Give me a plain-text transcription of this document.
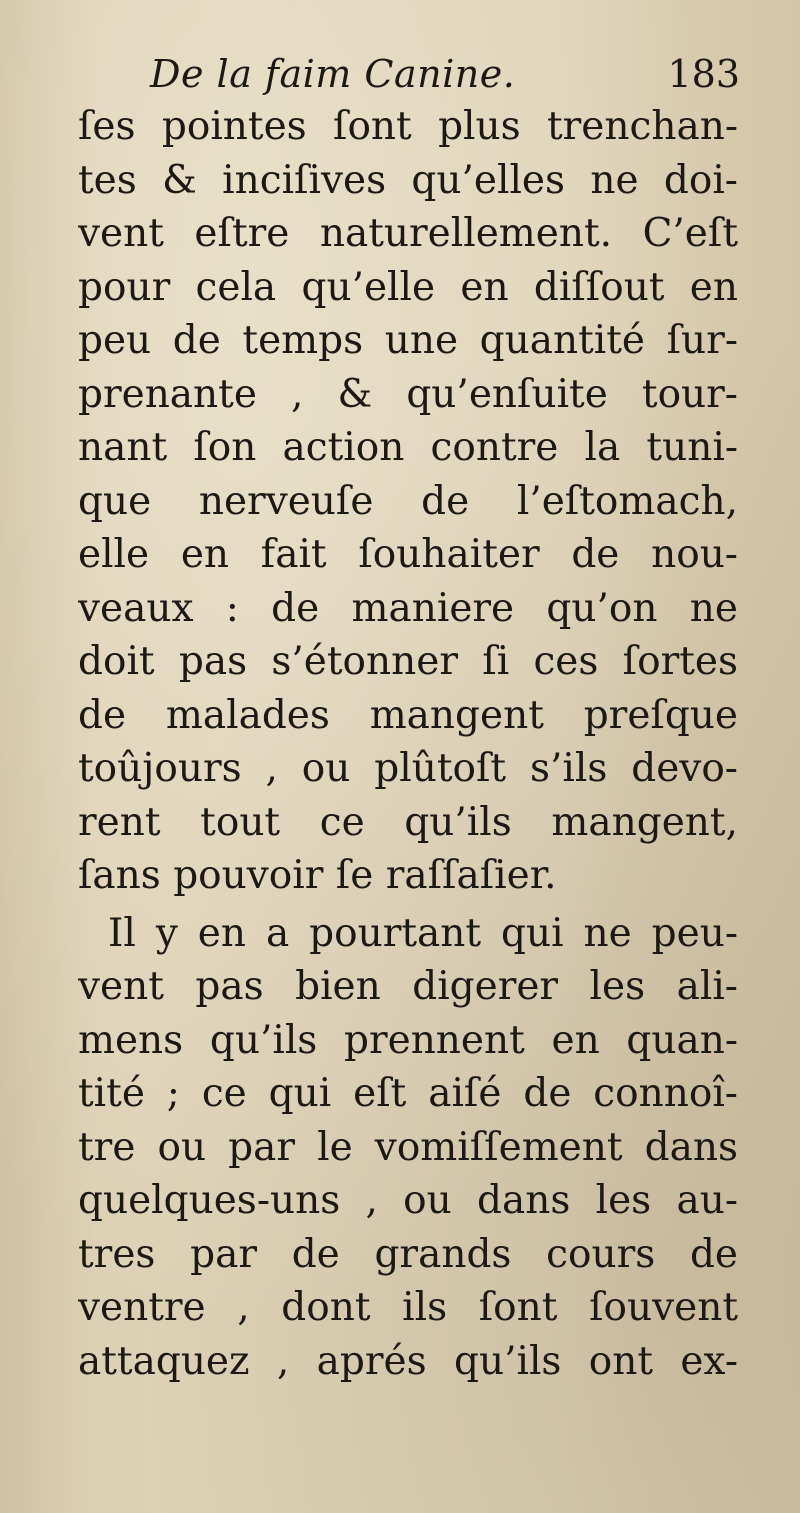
De la faim Canine.	183
ſes pointes ſont plus trenchan-
tes & inciſives qu’elles ne doi-
vent eſtre naturellement. C’eſt
pour cela qu’elle en diſſout en
peu de temps une quantité ſur-
prenante , & qu’enſuite tour-
nant ſon action contre la tuni-
que nerveuſe de l’eſtomach,
elle en fait ſouhaiter de nou-
veaux : de maniere qu’on ne
doit pas s’étonner ſi ces ſortes
de malades mangent preſque
toûjours , ou plûtoſt s’ils devo-
rent tout ce qu’ils mangent,
ſans pouvoir ſe raſſaſier.
Il y en a pourtant qui ne peu-
vent pas bien digerer les ali-
mens qu’ils prennent en quan-
tité ; ce qui eſt aiſé de connoî-
tre ou par le vomiſſement dans
quelques-uns , ou dans les au-
tres par de grands cours de
ventre , dont ils ſont ſouvent
attaquez , aprés qu’ils ont ex-
